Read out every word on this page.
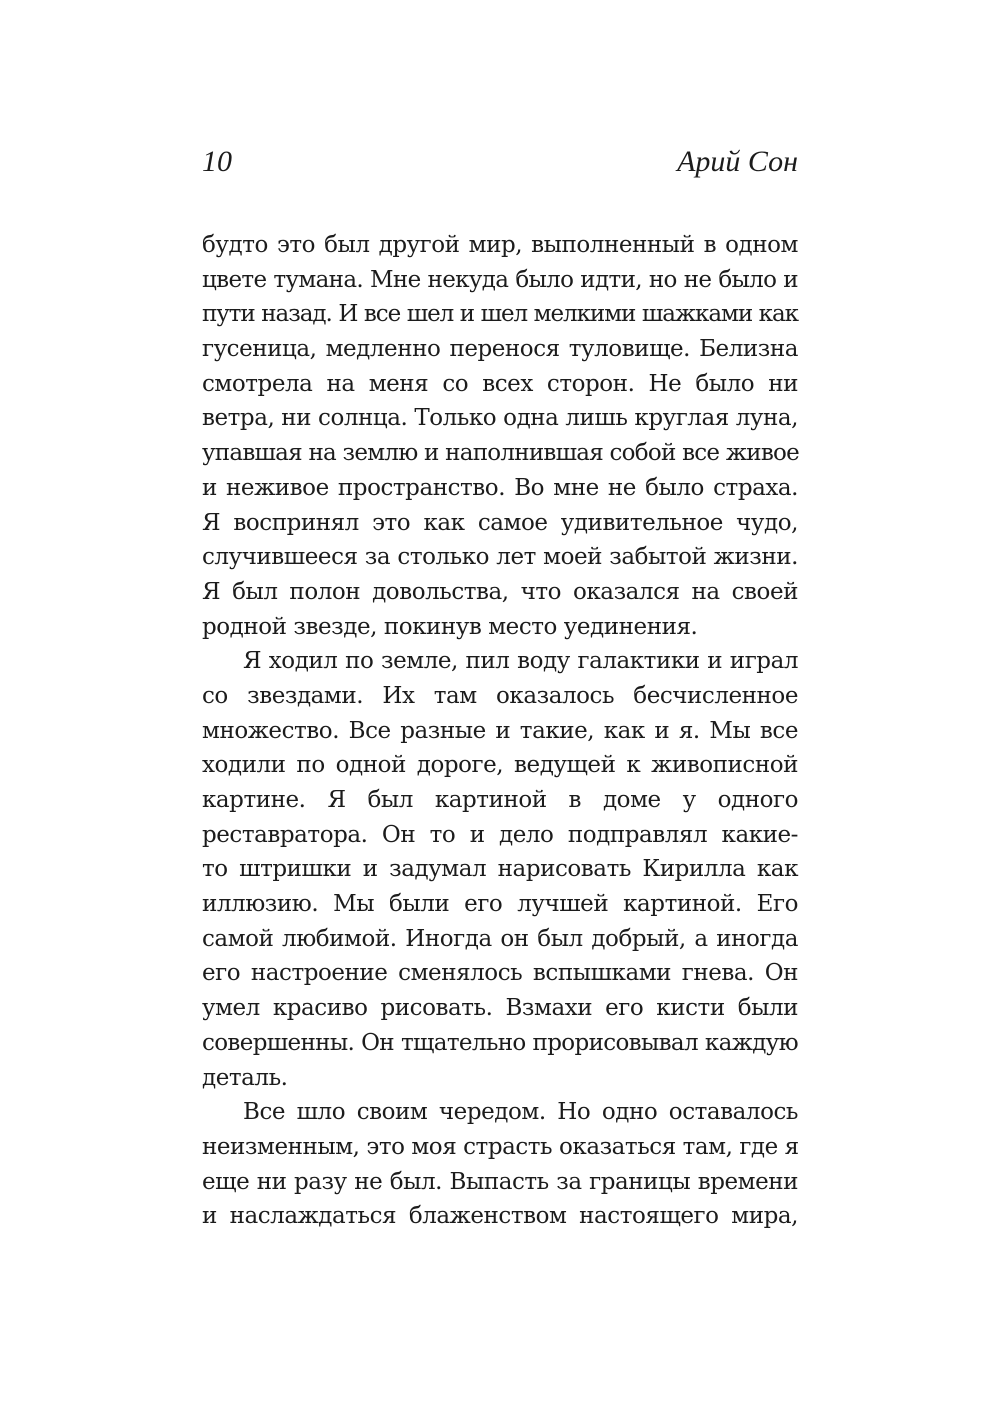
10	Арий Сон

будто это был другой мир, выполненный в одном
цвете тумана. Мне некуда было идти, но не было и
пути назад. И все шел и шел мелкими шажками как
гусеница, медленно перенося туловище. Белизна
смотрела на меня со всех сторон. Не было ни
ветра, ни солнца. Только одна лишь круглая луна,
упавшая на землю и наполнившая собой все живое
и неживое пространство. Во мне не было страха.
Я воспринял это как самое удивительное чудо,
случившееся за столько лет моей забытой жизни.
Я был полон довольства, что оказался на своей
родной звезде, покинув место уединения.

Я ходил по земле, пил воду галактики и играл
со звездами. Их там оказалось бесчисленное
множество. Все разные и такие, как и я. Мы все
ходили по одной дороге, ведущей к живописной
картине. Я был картиной в доме у одного
реставратора. Он то и дело подправлял какие-
то штришки и задумал нарисовать Кирилла как
иллюзию. Мы были его лучшей картиной. Его
самой любимой. Иногда он был добрый, а иногда
его настроение сменялось вспышками гнева. Он
умел красиво рисовать. Взмахи его кисти были
совершенны. Он тщательно прорисовывал каждую
деталь.

Все шло своим чередом. Но одно оставалось
неизменным, это моя страсть оказаться там, где я
еще ни разу не был. Выпасть за границы времени
и наслаждаться блаженством настоящего мира,
